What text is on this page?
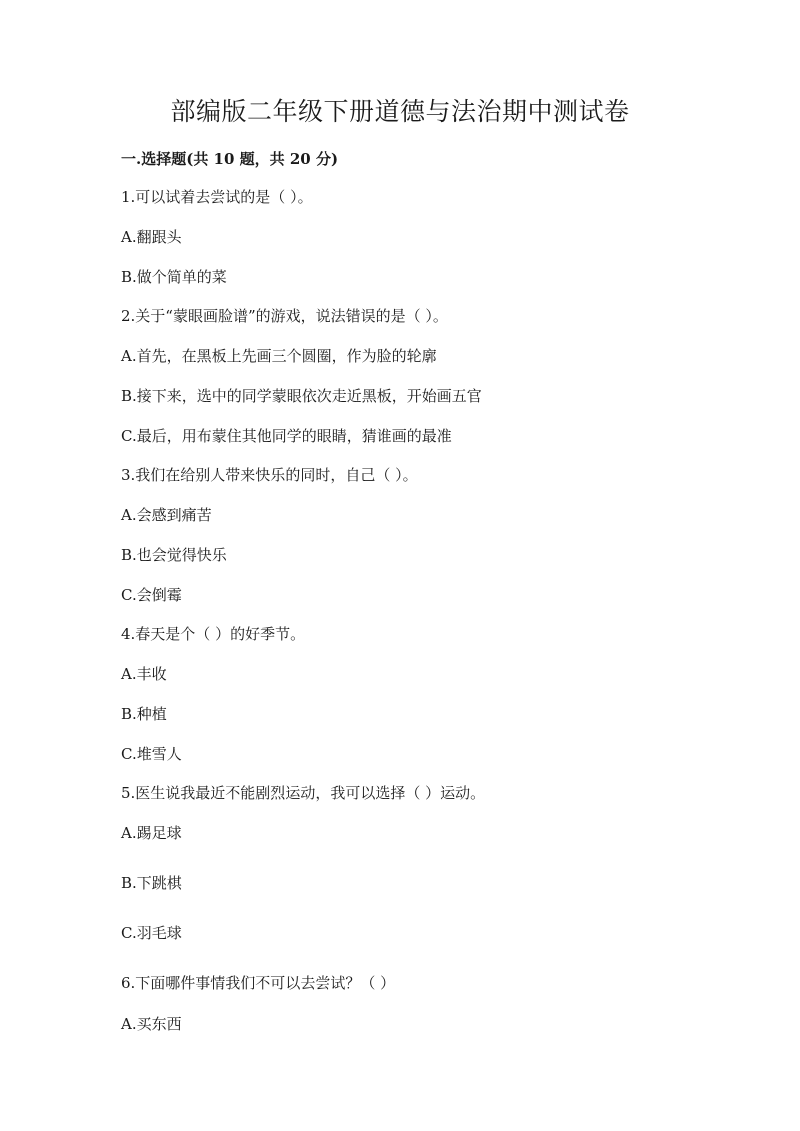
部编版二年级下册道德与法治期中测试卷
一.选择题(共 10 题，共 20 分)
1.可以试着去尝试的是（ ）。
A.翻跟头
B.做个简单的菜
2.关于“蒙眼画脸谱”的游戏，说法错误的是（ ）。
A.首先，在黑板上先画三个圆圈，作为脸的轮廓
B.接下来，选中的同学蒙眼依次走近黑板，开始画五官
C.最后，用布蒙住其他同学的眼睛，猜谁画的最准
3.我们在给别人带来快乐的同时，自己（ ）。
A.会感到痛苦
B.也会觉得快乐
C.会倒霉
4.春天是个（ ）的好季节。
A.丰收
B.种植
C.堆雪人
5.医生说我最近不能剧烈运动，我可以选择（ ）运动。
A.踢足球
B.下跳棋
C.羽毛球
6.下面哪件事情我们不可以去尝试？（ ）
A.买东西
